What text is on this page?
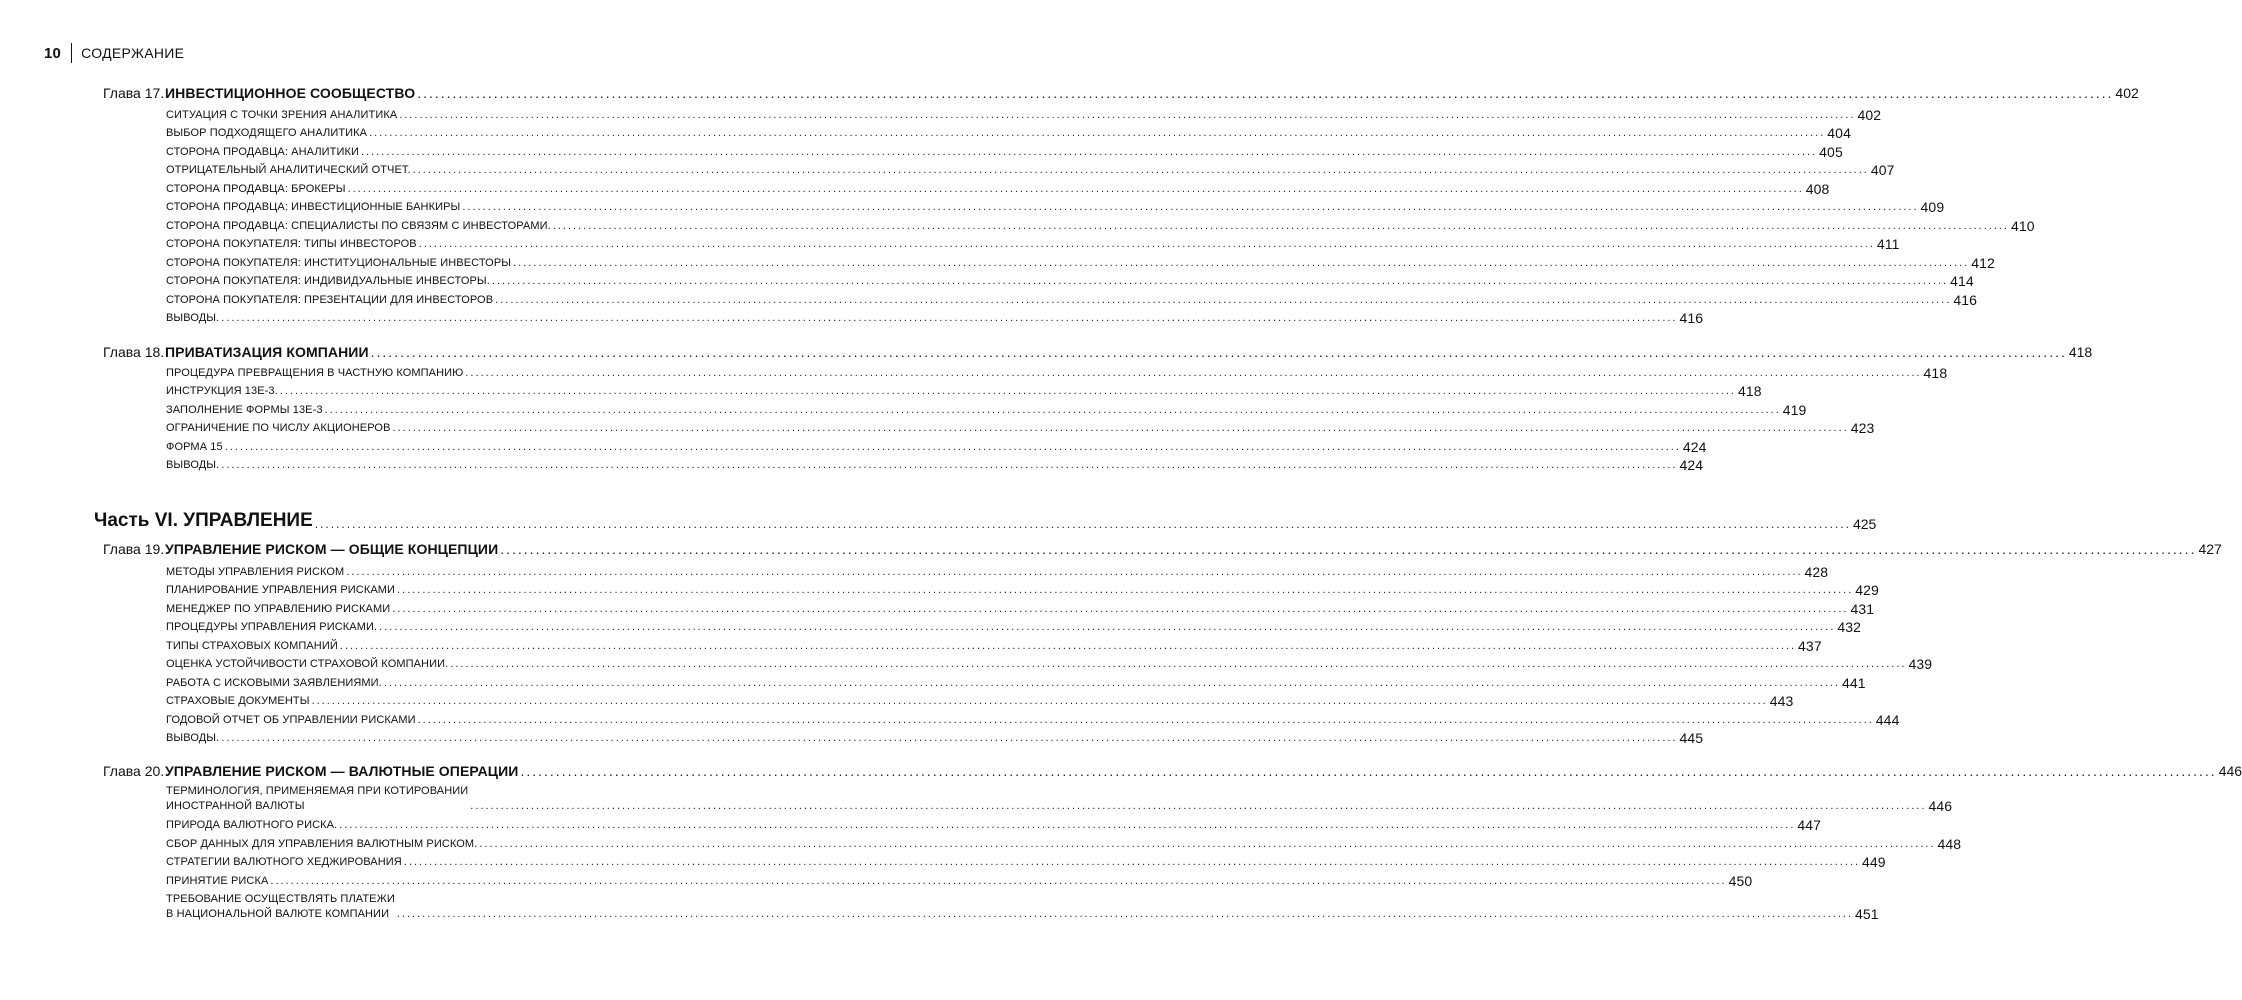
10 СОДЕРЖАНИЕ
Глава 17.ИНВЕСТИЦИОННОЕ СООБЩЕСТВО ................................................................................................................................................................................................................................................................................................ 402
СИТУАЦИЯ С ТОЧКИ ЗРЕНИЯ АНАЛИТИКА ................................................................................................................................................................................................................................................................................................ 402
ВЫБОР ПОДХОДЯЩЕГО АНАЛИТИКА ................................................................................................................................................................................................................................................................................................ 404
СТОРОНА ПРОДАВЦА: АНАЛИТИКИ ................................................................................................................................................................................................................................................................................................ 405
ОТРИЦАТЕЛЬНЫЙ АНАЛИТИЧЕСКИЙ ОТЧЕТ. ................................................................................................................................................................................................................................................................................................ 407
СТОРОНА ПРОДАВЦА: БРОКЕРЫ ................................................................................................................................................................................................................................................................................................ 408
СТОРОНА ПРОДАВЦА: ИНВЕСТИЦИОННЫЕ БАНКИРЫ ................................................................................................................................................................................................................................................................................................ 409
СТОРОНА ПРОДАВЦА: СПЕЦИАЛИСТЫ ПО СВЯЗЯМ С ИНВЕСТОРАМИ. ................................................................................................................................................................................................................................................................................................ 410
СТОРОНА ПОКУПАТЕЛЯ: ТИПЫ ИНВЕСТОРОВ ................................................................................................................................................................................................................................................................................................ 411
СТОРОНА ПОКУПАТЕЛЯ: ИНСТИТУЦИОНАЛЬНЫЕ ИНВЕСТОРЫ ................................................................................................................................................................................................................................................................................................ 412
СТОРОНА ПОКУПАТЕЛЯ: ИНДИВИДУАЛЬНЫЕ ИНВЕСТОРЫ. ................................................................................................................................................................................................................................................................................................ 414
СТОРОНА ПОКУПАТЕЛЯ: ПРЕЗЕНТАЦИИ ДЛЯ ИНВЕСТОРОВ ................................................................................................................................................................................................................................................................................................ 416
ВЫВОДЫ. ................................................................................................................................................................................................................................................................................................ 416
Глава 18.ПРИВАТИЗАЦИЯ КОМПАНИИ ................................................................................................................................................................................................................................................................................................ 418
ПРОЦЕДУРА ПРЕВРАЩЕНИЯ В ЧАСТНУЮ КОМПАНИЮ ................................................................................................................................................................................................................................................................................................ 418
ИНСТРУКЦИЯ 13E-3. ................................................................................................................................................................................................................................................................................................ 418
ЗАПОЛНЕНИЕ ФОРМЫ 13E-3 ................................................................................................................................................................................................................................................................................................ 419
ОГРАНИЧЕНИЕ ПО ЧИСЛУ АКЦИОНЕРОВ ................................................................................................................................................................................................................................................................................................ 423
ФОРМА 15 ................................................................................................................................................................................................................................................................................................ 424
ВЫВОДЫ. ................................................................................................................................................................................................................................................................................................ 424
Часть VI. УПРАВЛЕНИЕ ................................................................................................................................................................................................................................................................................................ 425
Глава 19.УПРАВЛЕНИЕ РИСКОМ — ОБЩИЕ КОНЦЕПЦИИ ................................................................................................................................................................................................................................................................................................ 427
МЕТОДЫ УПРАВЛЕНИЯ РИСКОМ ................................................................................................................................................................................................................................................................................................ 428
ПЛАНИРОВАНИЕ УПРАВЛЕНИЯ РИСКАМИ ................................................................................................................................................................................................................................................................................................ 429
МЕНЕДЖЕР ПО УПРАВЛЕНИЮ РИСКАМИ ................................................................................................................................................................................................................................................................................................ 431
ПРОЦЕДУРЫ УПРАВЛЕНИЯ РИСКАМИ. ................................................................................................................................................................................................................................................................................................ 432
ТИПЫ СТРАХОВЫХ КОМПАНИЙ ................................................................................................................................................................................................................................................................................................ 437
ОЦЕНКА УСТОЙЧИВОСТИ СТРАХОВОЙ КОМПАНИИ. ................................................................................................................................................................................................................................................................................................ 439
РАБОТА С ИСКОВЫМИ ЗАЯВЛЕНИЯМИ. ................................................................................................................................................................................................................................................................................................ 441
СТРАХОВЫЕ ДОКУМЕНТЫ ................................................................................................................................................................................................................................................................................................ 443
ГОДОВОЙ ОТЧЕТ ОБ УПРАВЛЕНИИ РИСКАМИ ................................................................................................................................................................................................................................................................................................ 444
ВЫВОДЫ. ................................................................................................................................................................................................................................................................................................ 445
Глава 20.УПРАВЛЕНИЕ РИСКОМ — ВАЛЮТНЫЕ ОПЕРАЦИИ ................................................................................................................................................................................................................................................................................................ 446
ТЕРМИНОЛОГИЯ, ПРИМЕНЯЕМАЯ ПРИ КОТИРОВАНИИ
ИНОСТРАННОЙ ВАЛЮТЫ	................................................................................................................................................................................................................................................................................................ 446
ПРИРОДА ВАЛЮТНОГО РИСКА. ................................................................................................................................................................................................................................................................................................ 447
СБОР ДАННЫХ ДЛЯ УПРАВЛЕНИЯ ВАЛЮТНЫМ РИСКОМ. ................................................................................................................................................................................................................................................................................................ 448
СТРАТЕГИИ ВАЛЮТНОГО ХЕДЖИРОВАНИЯ ................................................................................................................................................................................................................................................................................................ 449
ПРИНЯТИЕ РИСКА ................................................................................................................................................................................................................................................................................................ 450
ТРЕБОВАНИЕ ОСУЩЕСТВЛЯТЬ ПЛАТЕЖИ
В НАЦИОНАЛЬНОЙ ВАЛЮТЕ КОМПАНИИ ................................................................................................................................................................................................................................................................................................ 451
